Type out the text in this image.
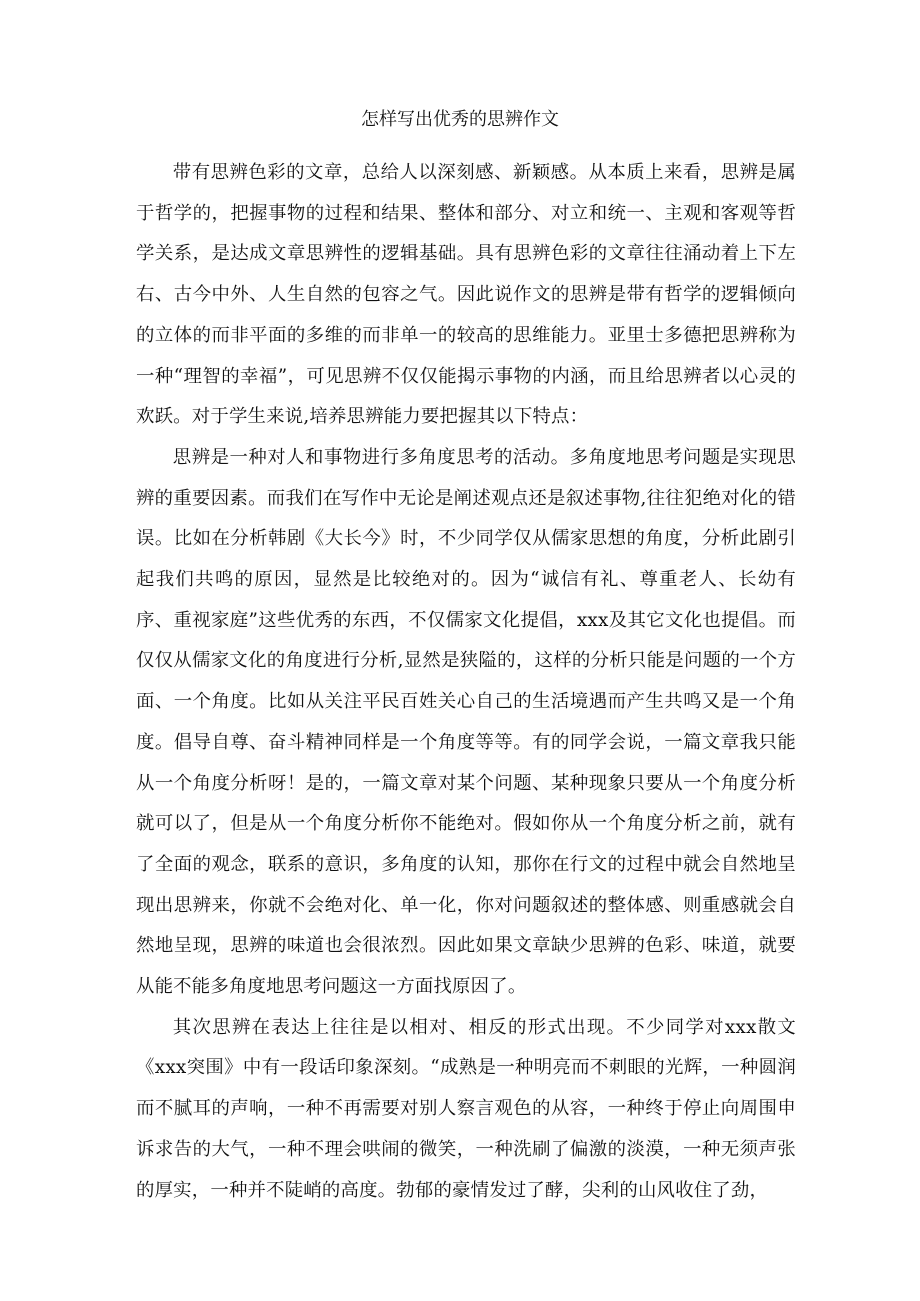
怎样写出优秀的思辨作文

带有思辨色彩的文章，总给人以深刻感、新颖感。从本质上来看，思辨是属于哲学的，把握事物的过程和结果、整体和部分、对立和统一、主观和客观等哲学关系，是达成文章思辨性的逻辑基础。具有思辨色彩的文章往往涌动着上下左右、古今中外、人生自然的包容之气。因此说作文的思辨是带有哲学的逻辑倾向的立体的而非平面的多维的而非单一的较高的思维能力。亚里士多德把思辨称为一种“理智的幸福”，可见思辨不仅仅能揭示事物的内涵，而且给思辨者以心灵的欢跃。对于学生来说,培养思辨能力要把握其以下特点：

思辨是一种对人和事物进行多角度思考的活动。多角度地思考问题是实现思辨的重要因素。而我们在写作中无论是阐述观点还是叙述事物,往往犯绝对化的错误。比如在分析韩剧《大长今》时，不少同学仅从儒家思想的角度，分析此剧引起我们共鸣的原因，显然是比较绝对的。因为“诚信有礼、尊重老人、长幼有序、重视家庭”这些优秀的东西，不仅儒家文化提倡，xxx及其它文化也提倡。而仅仅从儒家文化的角度进行分析,显然是狭隘的，这样的分析只能是问题的一个方面、一个角度。比如从关注平民百姓关心自己的生活境遇而产生共鸣又是一个角度。倡导自尊、奋斗精神同样是一个角度等等。有的同学会说，一篇文章我只能从一个角度分析呀！是的，一篇文章对某个问题、某种现象只要从一个角度分析就可以了，但是从一个角度分析你不能绝对。假如你从一个角度分析之前，就有了全面的观念，联系的意识，多角度的认知，那你在行文的过程中就会自然地呈现出思辨来，你就不会绝对化、单一化，你对问题叙述的整体感、则重感就会自然地呈现，思辨的味道也会很浓烈。因此如果文章缺少思辨的色彩、味道，就要从能不能多角度地思考问题这一方面找原因了。

其次思辨在表达上往往是以相对、相反的形式出现。不少同学对xxx散文《xxx突围》中有一段话印象深刻。“成熟是一种明亮而不刺眼的光辉，一种圆润而不腻耳的声响，一种不再需要对别人察言观色的从容，一种终于停止向周围申诉求告的大气，一种不理会哄闹的微笑，一种洗刷了偏激的淡漠，一种无须声张的厚实，一种并不陡峭的高度。勃郁的豪情发过了酵，尖利的山风收住了劲，
